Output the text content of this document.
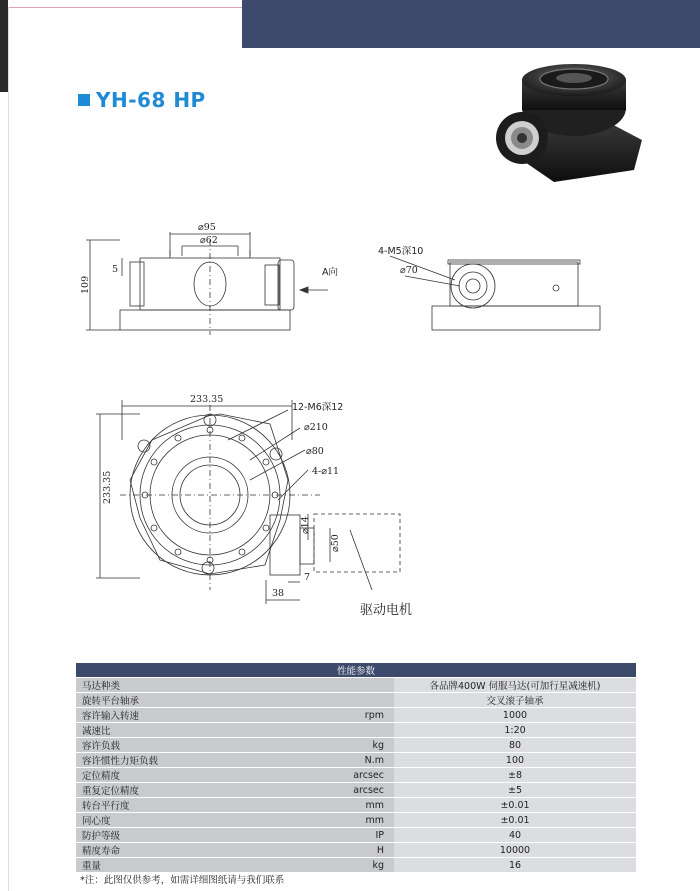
YH-68 HP
⌀95
⌀62
5
109
A向
4-M5深10
⌀70
233.35
233.35
12-M6深12
⌀210
⌀80
4-⌀11
⌀14
⌀50
7
38
驱动电机
性能参数		
马达种类		各品牌400W 伺服马达(可加行星减速机)
旋转平台轴承		交叉滚子轴承
容许输入转速	rpm	1000
减速比		1:20
容许负载	kg	80
容许惯性力矩负载	N.m	100
定位精度	arcsec	±8
重复定位精度	arcsec	±5
转台平行度	mm	±0.01
同心度	mm	±0.01
防护等级	IP	40
精度寿命	H	10000
重量	kg	16
*注：此图仅供参考，如需详细图纸请与我们联系
